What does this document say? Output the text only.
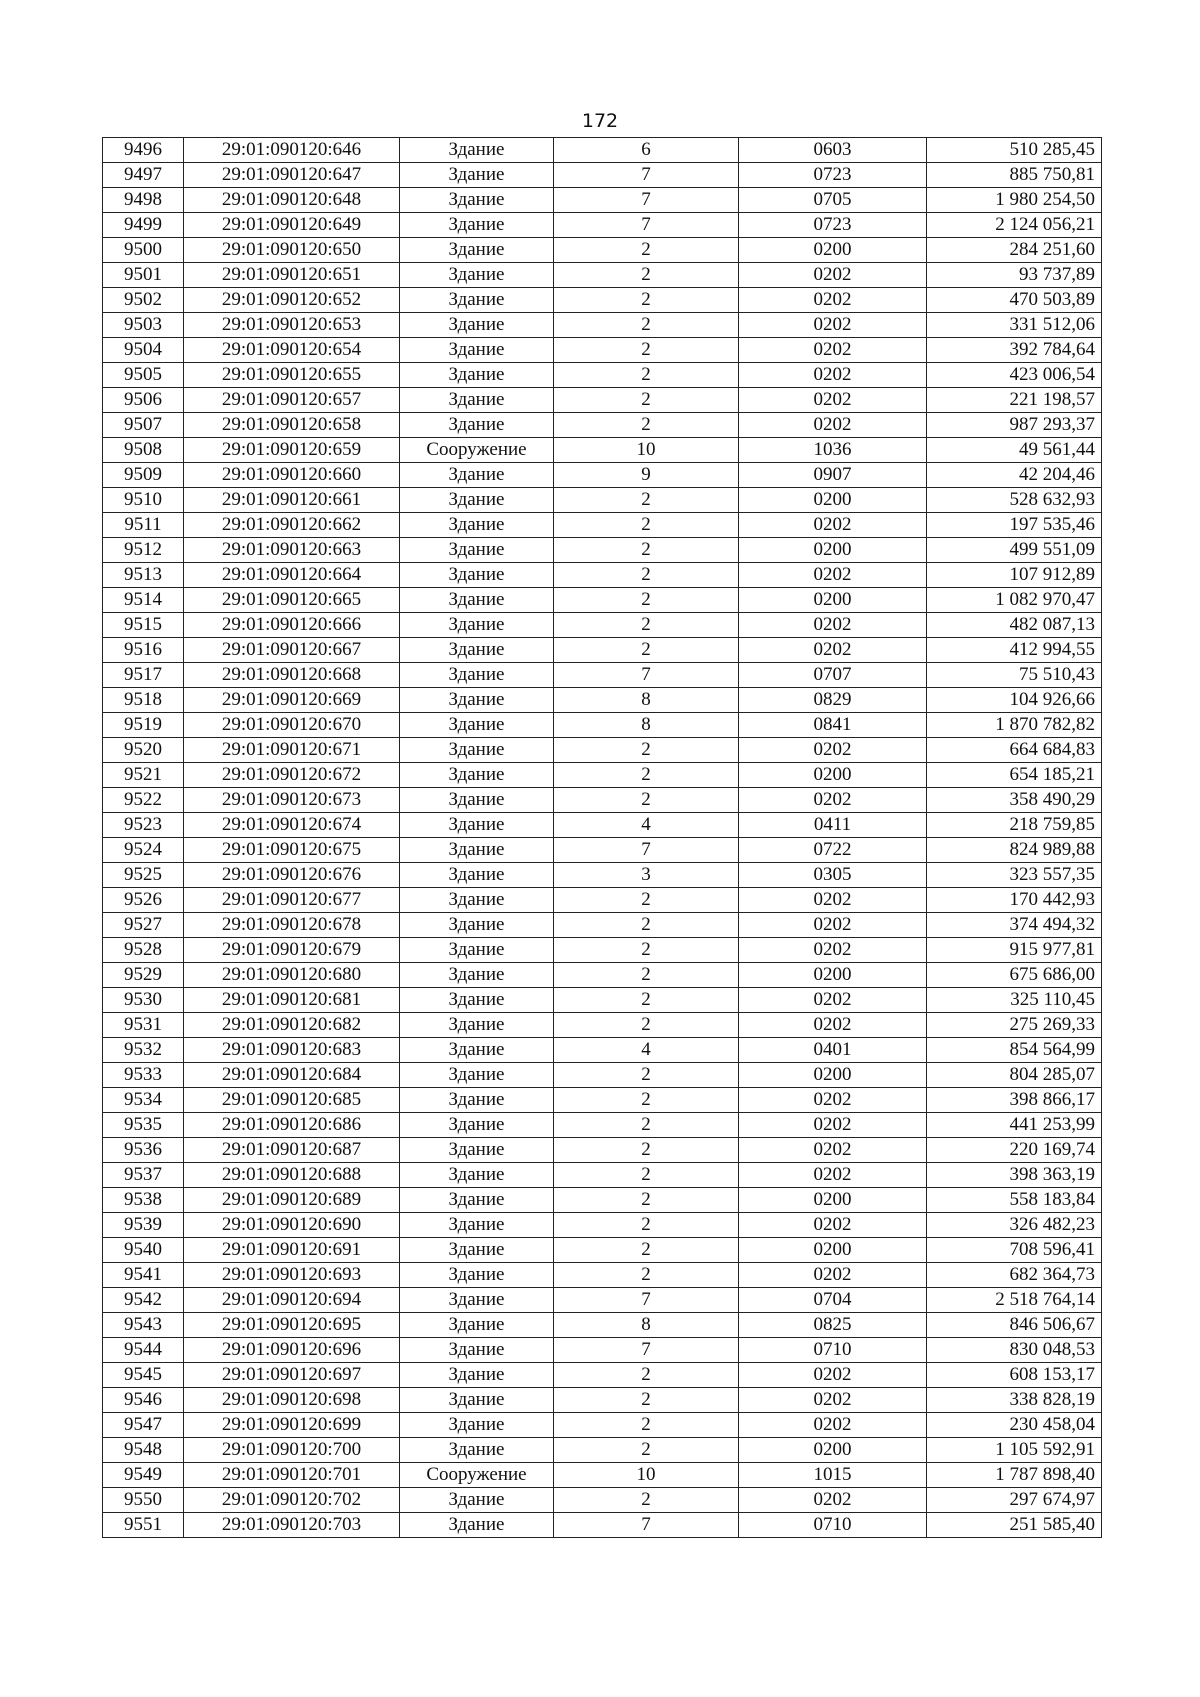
172
9496	29:01:090120:646	Здание	6	0603	510 285,45
9497	29:01:090120:647	Здание	7	0723	885 750,81
9498	29:01:090120:648	Здание	7	0705	1 980 254,50
9499	29:01:090120:649	Здание	7	0723	2 124 056,21
9500	29:01:090120:650	Здание	2	0200	284 251,60
9501	29:01:090120:651	Здание	2	0202	93 737,89
9502	29:01:090120:652	Здание	2	0202	470 503,89
9503	29:01:090120:653	Здание	2	0202	331 512,06
9504	29:01:090120:654	Здание	2	0202	392 784,64
9505	29:01:090120:655	Здание	2	0202	423 006,54
9506	29:01:090120:657	Здание	2	0202	221 198,57
9507	29:01:090120:658	Здание	2	0202	987 293,37
9508	29:01:090120:659	Сооружение	10	1036	49 561,44
9509	29:01:090120:660	Здание	9	0907	42 204,46
9510	29:01:090120:661	Здание	2	0200	528 632,93
9511	29:01:090120:662	Здание	2	0202	197 535,46
9512	29:01:090120:663	Здание	2	0200	499 551,09
9513	29:01:090120:664	Здание	2	0202	107 912,89
9514	29:01:090120:665	Здание	2	0200	1 082 970,47
9515	29:01:090120:666	Здание	2	0202	482 087,13
9516	29:01:090120:667	Здание	2	0202	412 994,55
9517	29:01:090120:668	Здание	7	0707	75 510,43
9518	29:01:090120:669	Здание	8	0829	104 926,66
9519	29:01:090120:670	Здание	8	0841	1 870 782,82
9520	29:01:090120:671	Здание	2	0202	664 684,83
9521	29:01:090120:672	Здание	2	0200	654 185,21
9522	29:01:090120:673	Здание	2	0202	358 490,29
9523	29:01:090120:674	Здание	4	0411	218 759,85
9524	29:01:090120:675	Здание	7	0722	824 989,88
9525	29:01:090120:676	Здание	3	0305	323 557,35
9526	29:01:090120:677	Здание	2	0202	170 442,93
9527	29:01:090120:678	Здание	2	0202	374 494,32
9528	29:01:090120:679	Здание	2	0202	915 977,81
9529	29:01:090120:680	Здание	2	0200	675 686,00
9530	29:01:090120:681	Здание	2	0202	325 110,45
9531	29:01:090120:682	Здание	2	0202	275 269,33
9532	29:01:090120:683	Здание	4	0401	854 564,99
9533	29:01:090120:684	Здание	2	0200	804 285,07
9534	29:01:090120:685	Здание	2	0202	398 866,17
9535	29:01:090120:686	Здание	2	0202	441 253,99
9536	29:01:090120:687	Здание	2	0202	220 169,74
9537	29:01:090120:688	Здание	2	0202	398 363,19
9538	29:01:090120:689	Здание	2	0200	558 183,84
9539	29:01:090120:690	Здание	2	0202	326 482,23
9540	29:01:090120:691	Здание	2	0200	708 596,41
9541	29:01:090120:693	Здание	2	0202	682 364,73
9542	29:01:090120:694	Здание	7	0704	2 518 764,14
9543	29:01:090120:695	Здание	8	0825	846 506,67
9544	29:01:090120:696	Здание	7	0710	830 048,53
9545	29:01:090120:697	Здание	2	0202	608 153,17
9546	29:01:090120:698	Здание	2	0202	338 828,19
9547	29:01:090120:699	Здание	2	0202	230 458,04
9548	29:01:090120:700	Здание	2	0200	1 105 592,91
9549	29:01:090120:701	Сооружение	10	1015	1 787 898,40
9550	29:01:090120:702	Здание	2	0202	297 674,97
9551	29:01:090120:703	Здание	7	0710	251 585,40
